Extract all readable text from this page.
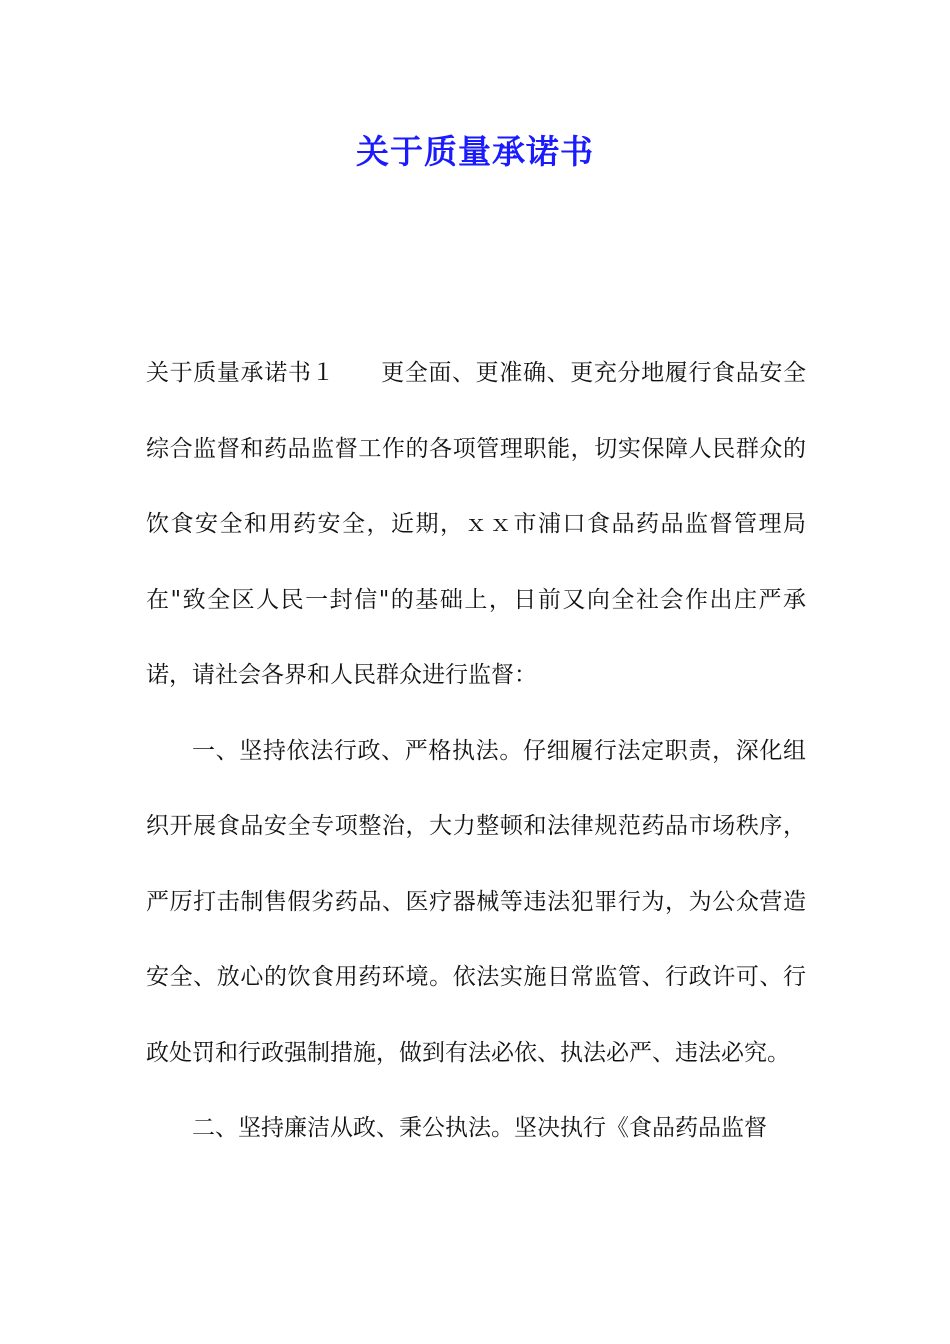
关于质量承诺书

关于质量承诺书１ 更全面、更准确、更充分地履行食品安全综合监督和药品监督工作的各项管理职能，切实保障人民群众的饮食安全和用药安全，近期，ｘｘ市浦口食品药品监督管理局在"致全区人民一封信"的基础上，日前又向全社会作出庄严承诺，请社会各界和人民群众进行监督：

一、坚持依法行政、严格执法。仔细履行法定职责，深化组织开展食品安全专项整治，大力整顿和法律规范药品市场秩序，严厉打击制售假劣药品、医疗器械等违法犯罪行为，为公众营造安全、放心的饮食用药环境。依法实施日常监管、行政许可、行政处罚和行政强制措施，做到有法必依、执法必严、违法必究。

二、坚持廉洁从政、秉公执法。坚决执行《食品药品监督
